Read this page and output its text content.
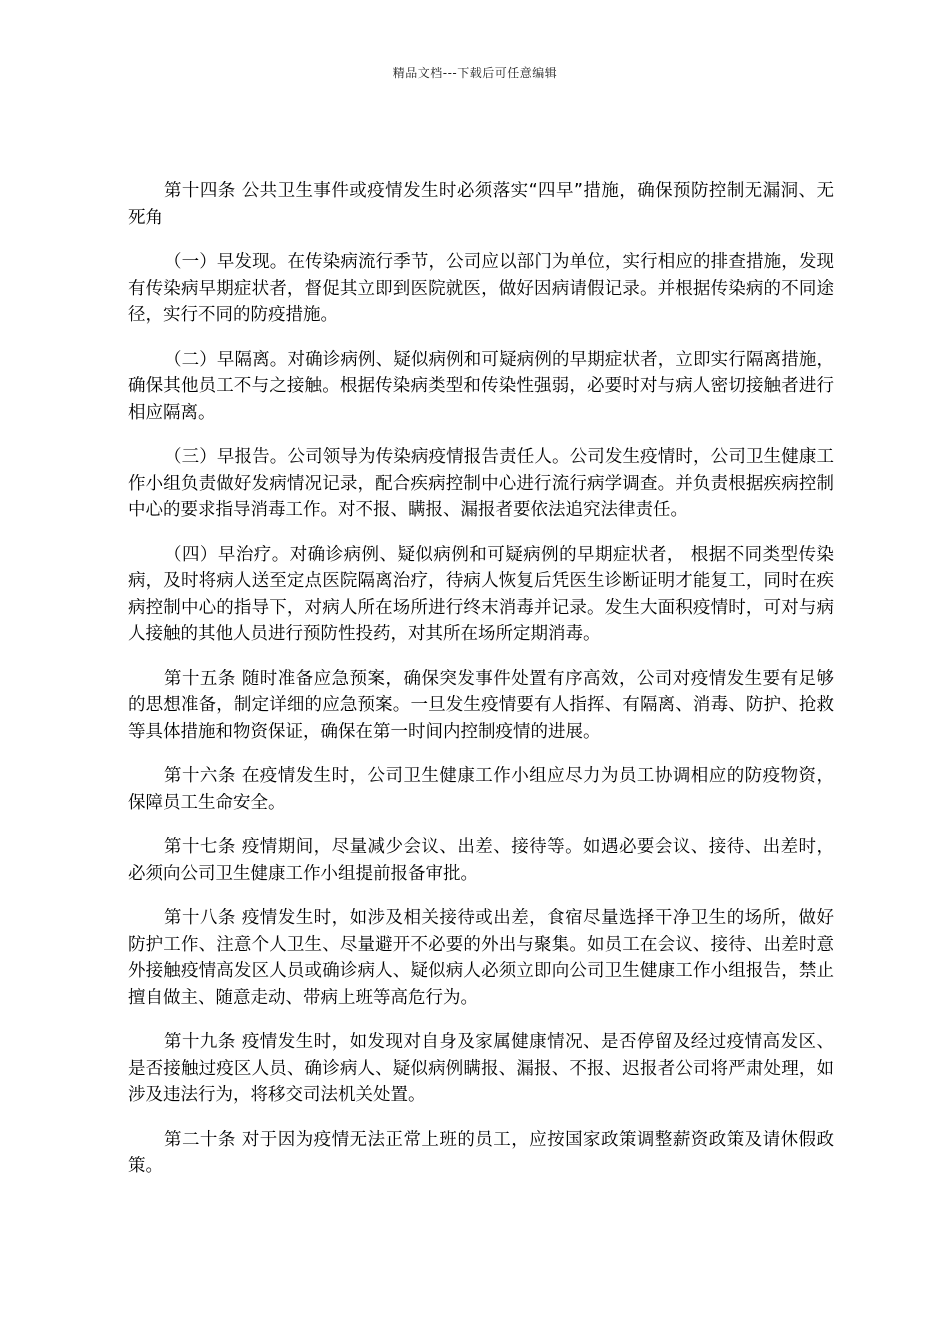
精品文档---下载后可任意编辑

第十四条 公共卫生事件或疫情发生时必须落实“四早”措施，确保预防控制无漏洞、无死角

（一）早发现。在传染病流行季节，公司应以部门为单位，实行相应的排查措施，发现有传染病早期症状者，督促其立即到医院就医，做好因病请假记录。并根据传染病的不同途径，实行不同的防疫措施。

（二）早隔离。对确诊病例、疑似病例和可疑病例的早期症状者，立即实行隔离措施，确保其他员工不与之接触。根据传染病类型和传染性强弱，必要时对与病人密切接触者进行相应隔离。

（三）早报告。公司领导为传染病疫情报告责任人。公司发生疫情时，公司卫生健康工作小组负责做好发病情况记录，配合疾病控制中心进行流行病学调查。并负责根据疾病控制中心的要求指导消毒工作。对不报、瞒报、漏报者要依法追究法律责任。

（四）早治疗。对确诊病例、疑似病例和可疑病例的早期症状者， 根据不同类型传染病，及时将病人送至定点医院隔离治疗，待病人恢复后凭医生诊断证明才能复工，同时在疾病控制中心的指导下，对病人所在场所进行终末消毒并记录。发生大面积疫情时，可对与病人接触的其他人员进行预防性投药，对其所在场所定期消毒。

第十五条 随时准备应急预案，确保突发事件处置有序高效，公司对疫情发生要有足够的思想准备，制定详细的应急预案。一旦发生疫情要有人指挥、有隔离、消毒、防护、抢救等具体措施和物资保证，确保在第一时间内控制疫情的进展。

第十六条 在疫情发生时，公司卫生健康工作小组应尽力为员工协调相应的防疫物资，保障员工生命安全。

第十七条 疫情期间，尽量减少会议、出差、接待等。如遇必要会议、接待、出差时，必须向公司卫生健康工作小组提前报备审批。

第十八条 疫情发生时，如涉及相关接待或出差，食宿尽量选择干净卫生的场所，做好防护工作、注意个人卫生、尽量避开不必要的外出与聚集。如员工在会议、接待、出差时意外接触疫情高发区人员或确诊病人、疑似病人必须立即向公司卫生健康工作小组报告，禁止擅自做主、随意走动、带病上班等高危行为。

第十九条 疫情发生时，如发现对自身及家属健康情况、是否停留及经过疫情高发区、是否接触过疫区人员、确诊病人、疑似病例瞒报、漏报、不报、迟报者公司将严肃处理，如涉及违法行为，将移交司法机关处置。

第二十条 对于因为疫情无法正常上班的员工，应按国家政策调整薪资政策及请休假政策。
